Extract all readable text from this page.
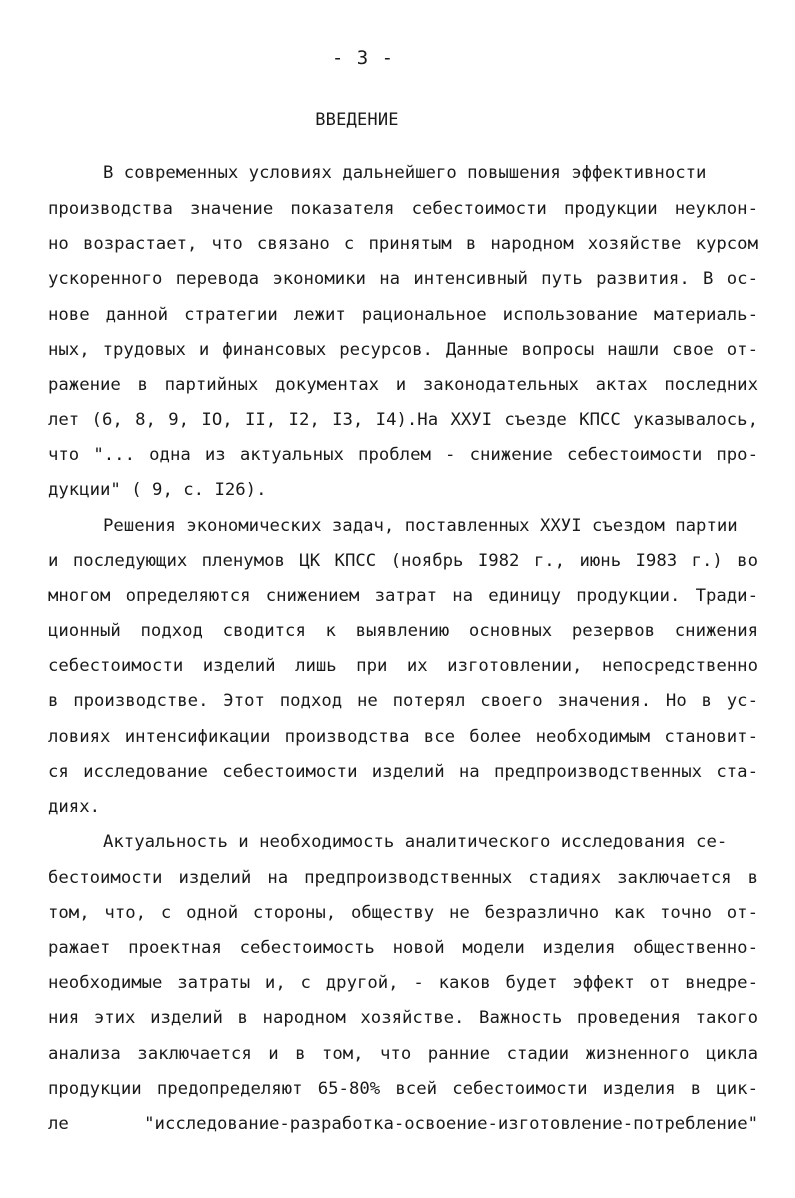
- 3 -
ВВЕДЕНИЕ
В современных условиях дальнейшего повышения эффективности
производства значение показателя себестоимости продукции неуклон-
но возрастает, что связано с принятым в народном хозяйстве курсом
ускоренного перевода экономики на интенсивный путь развития. В ос-
нове данной стратегии лежит рациональное использование материаль-
ных, трудовых и финансовых ресурсов. Данные вопросы нашли свое от-
ражение в партийных документах и законодательных актах последних
лет (6, 8, 9, IO, II, I2, I3, I4).На XXУI съезде КПСС указывалось,
что "... одна из актуальных проблем - снижение себестоимости про-
дукции" ( 9, с. I26).
Решения экономических задач, поставленных XXУI съездом партии
и последующих пленумов ЦК КПСС (ноябрь I982 г., июнь I983 г.) во
многом определяются снижением затрат на единицу продукции. Тради-
ционный подход сводится к выявлению основных резервов снижения
себестоимости изделий лишь при их изготовлении, непосредственно
в производстве. Этот подход не потерял своего значения. Но в ус-
ловиях интенсификации производства все более необходимым становит-
ся исследование себестоимости изделий на предпроизводственных ста-
диях.
Актуальность и необходимость аналитического исследования се-
бестоимости изделий на предпроизводственных стадиях заключается в
том, что, с одной стороны, обществу не безразлично как точно от-
ражает проектная себестоимость новой модели изделия общественно-
необходимые затраты и, с другой, - каков будет эффект от внедре-
ния этих изделий в народном хозяйстве. Важность проведения такого
анализа заключается и в том, что ранние стадии жизненного цикла
продукции предопределяют 65-80% всей себестоимости изделия в цик-
ле "исследование-разработка-освоение-изготовление-потребление"
